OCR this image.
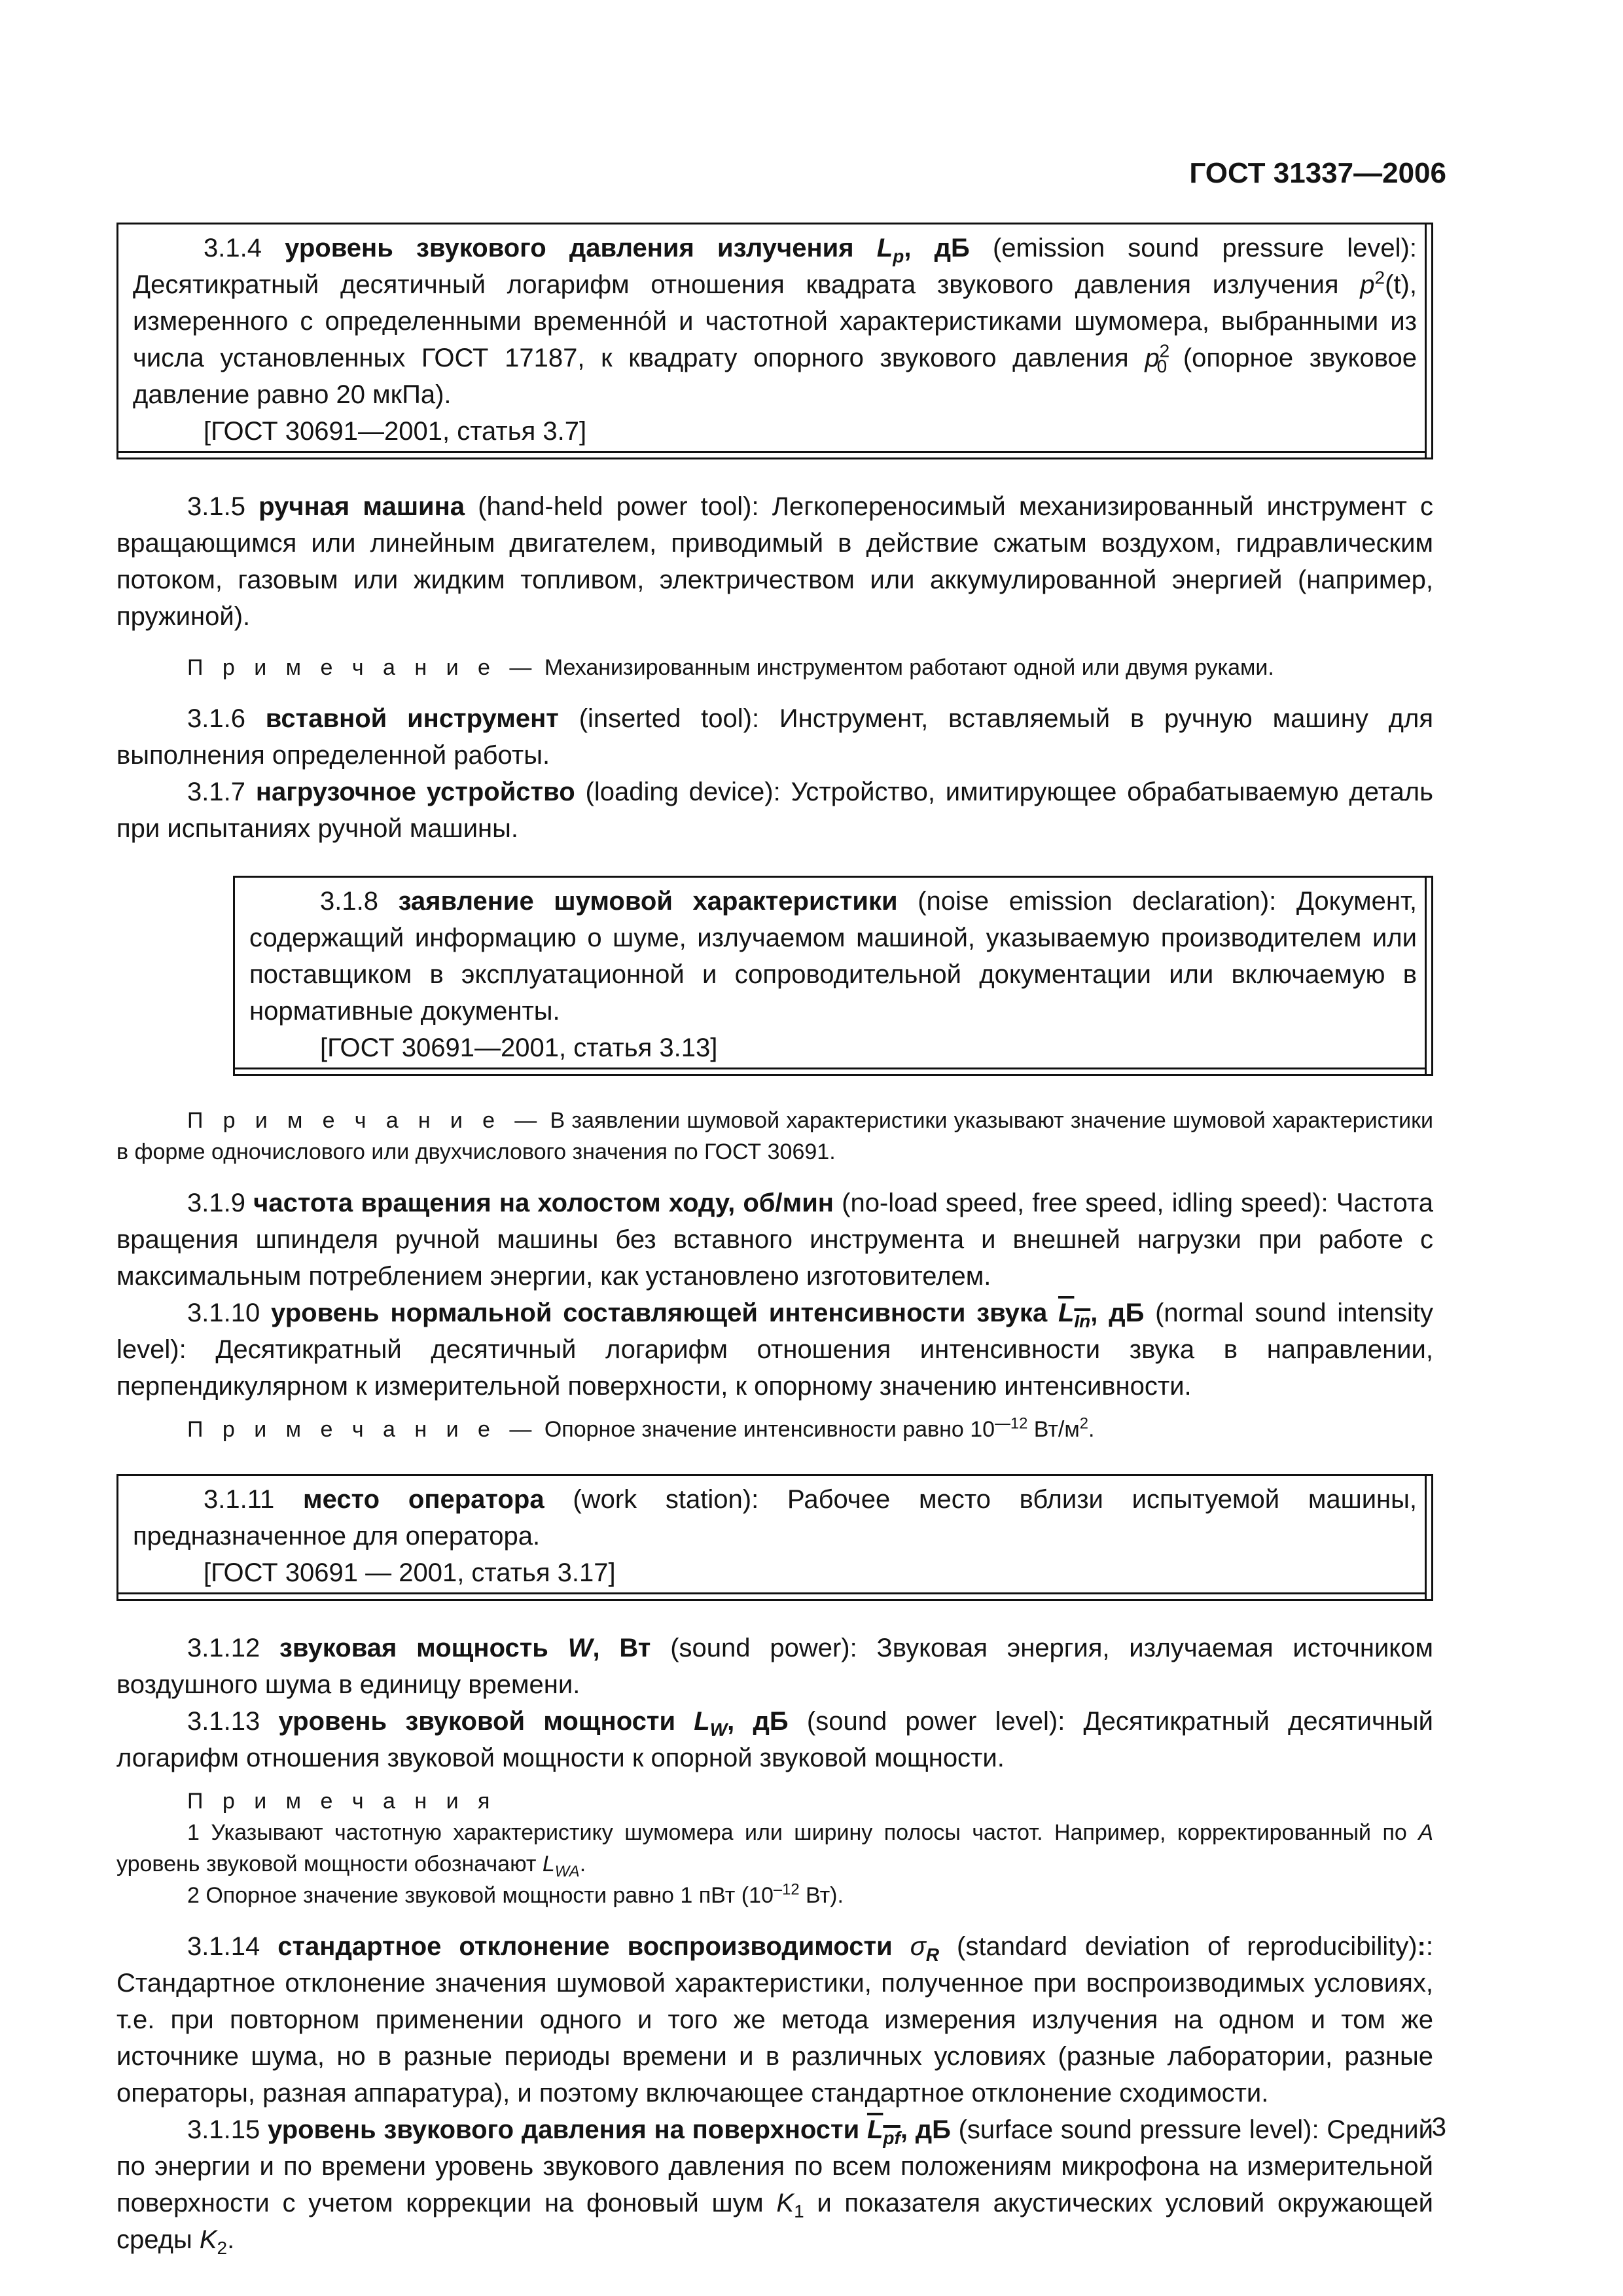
ГОСТ 31337—2006

3.1.4 уровень звукового давления излучения $L_p$, дБ (emission sound pressure level): Десятикратный десятичный логарифм отношения квадрата звукового давления излучения $p^2(t)$, измеренного с определенными временно́й и частотной характеристиками шумомера, выбранными из числа установленных ГОСТ 17187, к квадрату опорного звукового давления $p^2_0$ (опорное звуковое давление равно 20 мкПа).

[ГОСТ 30691—2001, статья 3.7]

3.1.5 ручная машина (hand-held power tool): Легкопереносимый механизированный инструмент с вращающимся или линейным двигателем, приводимый в действие сжатым воздухом, гидравлическим потоком, газовым или жидким топливом, электричеством или аккумулированной энергией (например, пружиной).

П р и м е ч а н и е — Механизированным инструментом работают одной или двумя руками.

3.1.6 вставной инструмент (inserted tool): Инструмент, вставляемый в ручную машину для выполнения определенной работы.

3.1.7 нагрузочное устройство (loading device): Устройство, имитирующее обрабатываемую деталь при испытаниях ручной машины.

3.1.8 заявление шумовой характеристики (noise emission declaration): Документ, содержащий информацию о шуме, излучаемом машиной, указываемую производителем или поставщиком в эксплуатационной и сопроводительной документации или включаемую в нормативные документы.

[ГОСТ 30691—2001, статья 3.13]

П р и м е ч а н и е — В заявлении шумовой характеристики указывают значение шумовой характеристики в форме одночислового или двухчислового значения по ГОСТ 30691.

3.1.9 частота вращения на холостом ходу, об/мин (no-load speed, free speed, idling speed): Частота вращения шпинделя ручной машины без вставного инструмента и внешней нагрузки при работе с максимальным потреблением энергии, как установлено изготовителем.

3.1.10 уровень нормальной составляющей интенсивности звука $L_{In}$, дБ (normal sound intensity level): Десятикратный десятичный логарифм отношения интенсивности звука в направлении, перпендикулярном к измерительной поверхности, к опорному значению интенсивности.

П р и м е ч а н и е — Опорное значение интенсивности равно $10^{—12}$ $Вт/м^2$.

3.1.11 место оператора (work station): Рабочее место вблизи испытуемой машины, предназначенное для оператора.

[ГОСТ 30691 — 2001, статья 3.17]

3.1.12 звуковая мощность W, Вт (sound power): Звуковая энергия, излучаемая источником воздушного шума в единицу времени.

3.1.13 уровень звуковой мощности $L_W$, дБ (sound power level): Десятикратный десятичный логарифм отношения звуковой мощности к опорной звуковой мощности.

П р и м е ч а н и я

1 Указывают частотную характеристику шумомера или ширину полосы частот. Например, корректированный по А уровень звуковой мощности обозначают $L_{WA}$.

2 Опорное значение звуковой мощности равно 1 пВт ($10^{-12}$ Вт).

3.1.14 стандартное отклонение воспроизводимости $\sigma_R$ (standard deviation of reproducibility):: Стандартное отклонение значения шумовой характеристики, полученное при воспроизводимых условиях, т.е. при повторном применении одного и того же метода измерения излучения на одном и том же источнике шума, но в разные периоды времени и в различных условиях (разные лаборатории, разные операторы, разная аппаратура), и поэтому включающее стандартное отклонение сходимости.

3.1.15 уровень звукового давления на поверхности $L_{pf}$, дБ (surface sound pressure level): Средний по энергии и по времени уровень звукового давления по всем положениям микрофона на измерительной поверхности с учетом коррекции на фоновый шум $K_1$ и показателя акустических условий окружающей среды $K_2$.

3
